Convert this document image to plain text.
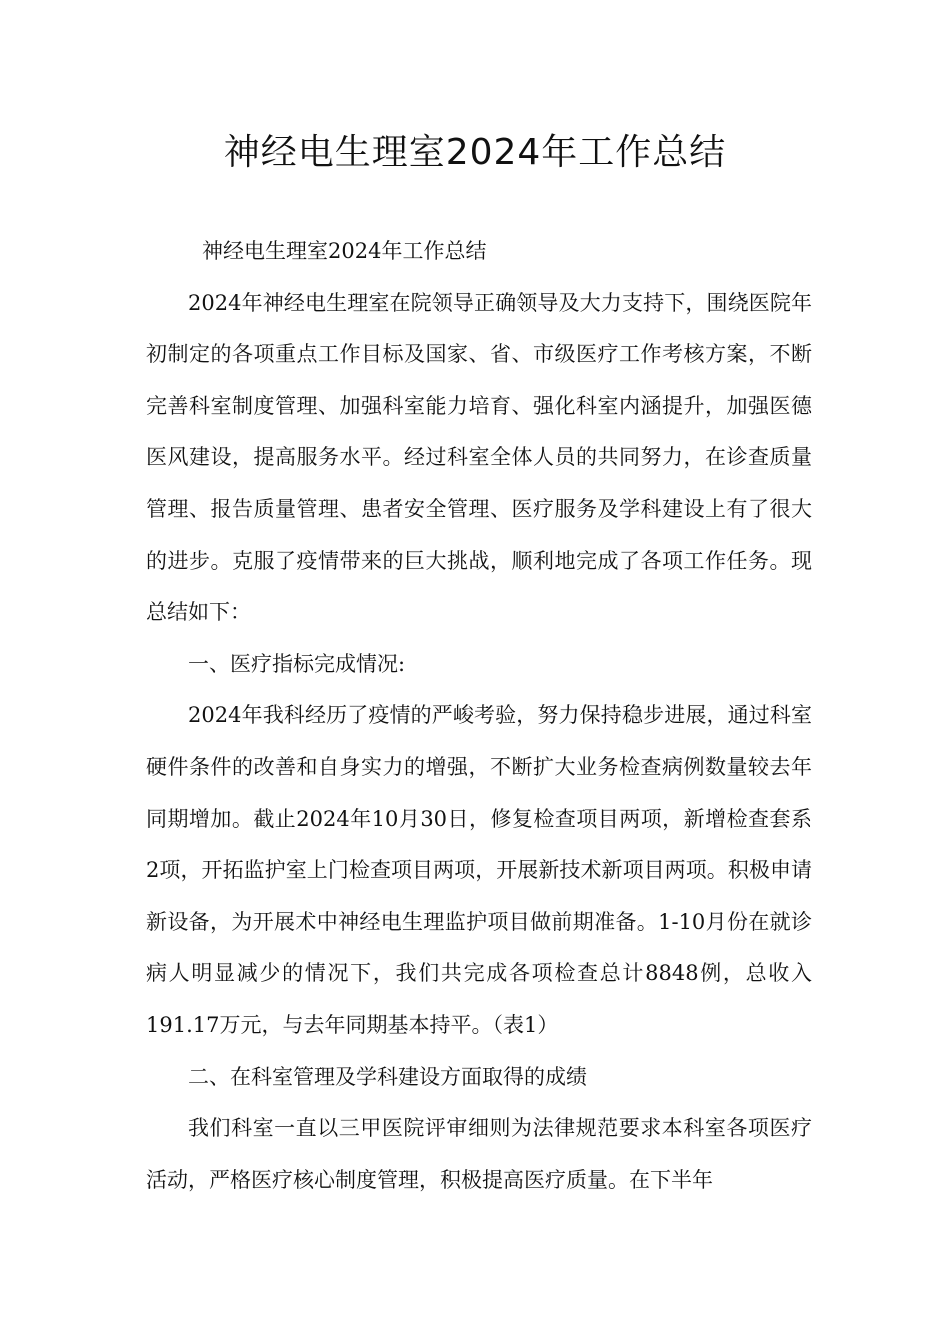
神经电生理室2024年工作总结

神经电生理室2024年工作总结

2024年神经电生理室在院领导正确领导及大力支持下，围绕医院年初制定的各项重点工作目标及国家、省、市级医疗工作考核方案，不断完善科室制度管理、加强科室能力培育、强化科室内涵提升，加强医德医风建设，提高服务水平。经过科室全体人员的共同努力，在诊查质量管理、报告质量管理、患者安全管理、医疗服务及学科建设上有了很大的进步。克服了疫情带来的巨大挑战，顺利地完成了各项工作任务。现总结如下：

一、医疗指标完成情况:

2024年我科经历了疫情的严峻考验，努力保持稳步进展，通过科室硬件条件的改善和自身实力的增强，不断扩大业务检查病例数量较去年同期增加。截止2024年10月30日，修复检查项目两项，新增检查套系2项，开拓监护室上门检查项目两项，开展新技术新项目两项。积极申请新设备，为开展术中神经电生理监护项目做前期准备。1-10月份在就诊病人明显减少的情况下，我们共完成各项检查总计8848例，总收入191.17万元，与去年同期基本持平。（表1）

二、在科室管理及学科建设方面取得的成绩

我们科室一直以三甲医院评审细则为法律规范要求本科室各项医疗活动，严格医疗核心制度管理，积极提高医疗质量。在下半年
